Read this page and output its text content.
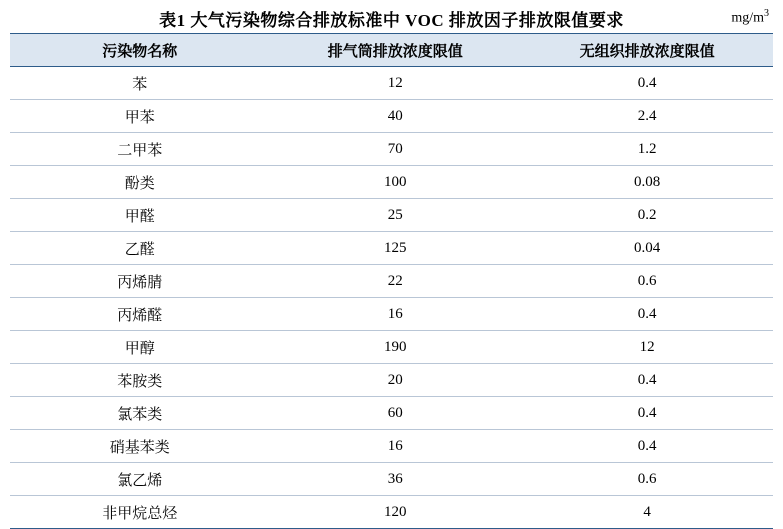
表1 大气污染物综合排放标准中 VOC 排放因子排放限值要求	$mg/m^3$
污染物名称	排气筒排放浓度限值	无组织排放浓度限值
苯	12	0.4
甲苯	40	2.4
二甲苯	70	1.2
酚类	100	0.08
甲醛	25	0.2
乙醛	125	0.04
丙烯腈	22	0.6
丙烯醛	16	0.4
甲醇	190	12
苯胺类	20	0.4
氯苯类	60	0.4
硝基苯类	16	0.4
氯乙烯	36	0.6
非甲烷总烃	120	4
